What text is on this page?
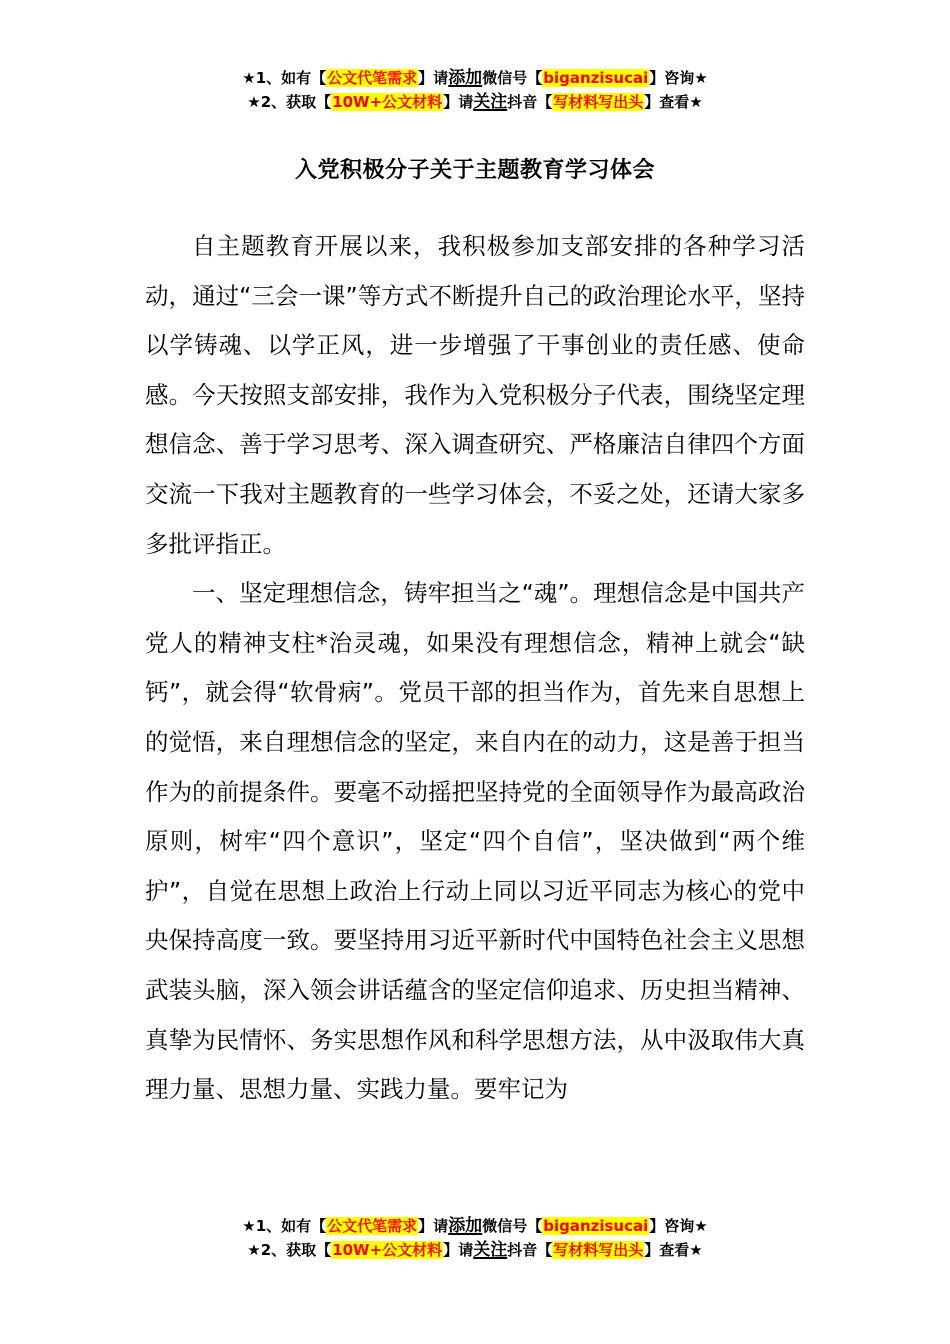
★1、如有【公文代笔需求】请添加微信号【biganzisucai】咨询★
★2、获取【10W+公文材料】请关注抖音【写材料写出头】查看★
入党积极分子关于主题教育学习体会

自主题教育开展以来，我积极参加支部安排的各种学习活动，通过“三会一课”等方式不断提升自己的政治理论水平，坚持以学铸魂、以学正风，进一步增强了干事创业的责任感、使命感。今天按照支部安排，我作为入党积极分子代表，围绕坚定理想信念、善于学习思考、深入调查研究、严格廉洁自律四个方面交流一下我对主题教育的一些学习体会，不妥之处，还请大家多多批评指正。

一、坚定理想信念，铸牢担当之“魂”。理想信念是中国共产党人的精神支柱*治灵魂，如果没有理想信念，精神上就会“缺钙”，就会得“软骨病”。党员干部的担当作为，首先来自思想上的觉悟，来自理想信念的坚定，来自内在的动力，这是善于担当作为的前提条件。要毫不动摇把坚持党的全面领导作为最高政治原则，树牢“四个意识”，坚定“四个自信”，坚决做到“两个维护”，自觉在思想上政治上行动上同以习近平同志为核心的党中央保持高度一致。要坚持用习近平新时代中国特色社会主义思想武装头脑，深入领会讲话蕴含的坚定信仰追求、历史担当精神、真挚为民情怀、务实思想作风和科学思想方法，从中汲取伟大真理力量、思想力量、实践力量。要牢记为

★1、如有【公文代笔需求】请添加微信号【biganzisucai】咨询★
★2、获取【10W+公文材料】请关注抖音【写材料写出头】查看★
